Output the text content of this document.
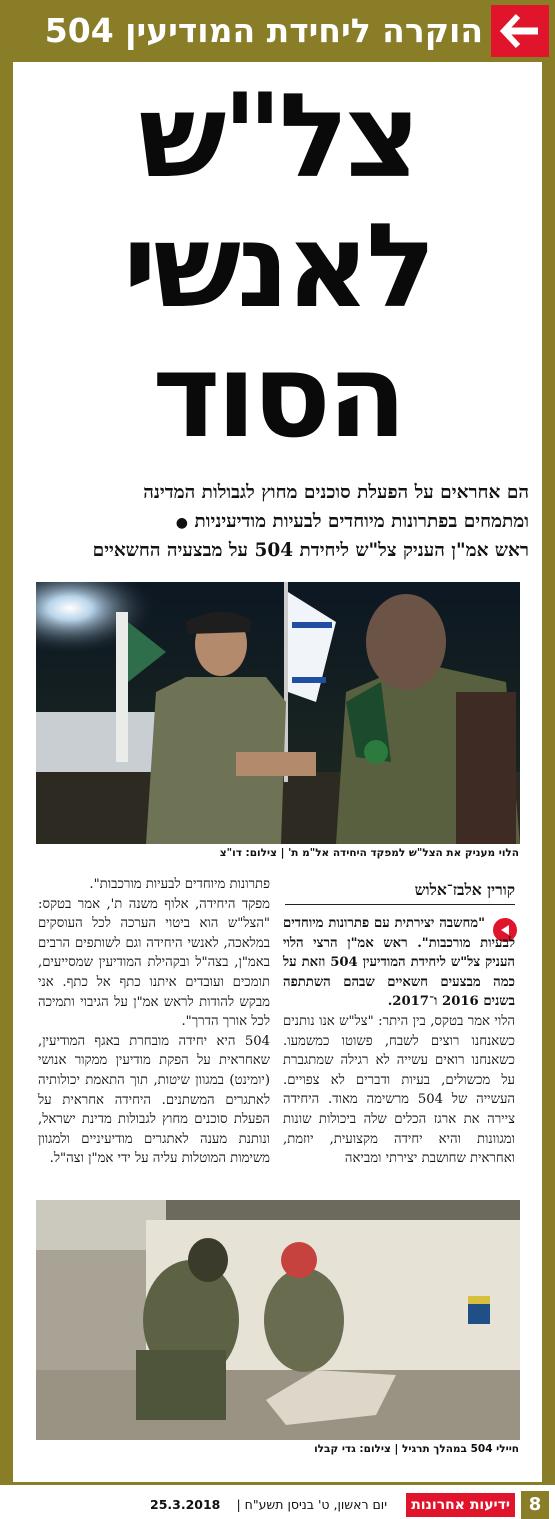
הוקרה ליחידת המודיעין 504
צל"ש
לאנשי
הסוד
הם אחראים על הפעלת סוכנים מחוץ לגבולות המדינה
ומתמחים בפתרונות מיוחדים לבעיות מודיעיניות ●
ראש אמ"ן העניק צל"ש ליחידת 504 על מבצעיה החשאיים
הלוי מעניק את הצל"ש למפקד היחידה אל"מ ת' | צילום: דו"צ
קורין אלבז־אלוש

"מחשבה יצירתית עם פתרונות מיוחדים לבעיות מורכבות". ראש אמ"ן הרצי הלוי העניק צל"ש ליחידת המודיעין 504 וזאת על כמה מבצעים חשאיים שבהם השתתפה בשנים 2016 ו־2017.

הלוי אמר בטקס, בין היתר: "צל"ש אנו נותנים כשאנחנו רוצים לשבח, פשוטו כמשמעו. כשאנחנו רואים עשייה לא רגילה שמתגברת על מכשולים, בעיות ודברים לא צפויים. העשייה של 504 מרשימה מאוד. היחידה ציירה את ארגז הכלים שלה ביכולות שונות ומגוונות והיא יחידה מקצועית, יוזמת, ואחראית שחושבת יצירתי ומביאה

פתרונות מיוחדים לבעיות מורכבות".

מפקד היחידה, אלוף משנה ת', אמר בטקס: "הצל"ש הוא ביטוי הערכה לכל העוסקים במלאכה, לאנשי היחידה וגם לשותפים הרבים באמ"ן, בצה"ל ובקהילת המודיעין שמסייעים, תומכים ועובדים איתנו כתף אל כתף. אני מבקש להודות לראש אמ"ן על הגיבוי ותמיכה לכל אורך הדרך".

504 היא יחידה מובחרת באגף המודיעין, שאחראית על הפקת מודיעין ממקור אנושי (יומינט) במגוון שיטות, תוך התאמת יכולותיה לאתגרים המשתנים. היחידה אחראית על הפעלת סוכנים מחוץ לגבולות מדינת ישראל, ונותנת מענה לאתגרים מודיעיניים ולמגוון משימות המוטלות עליה על ידי אמ"ן וצה"ל.

חיילי 504 במהלך תרגיל | צילום: גדי קבלו
8
ידיעות אחרונות
יום ראשון, ט' בניסן תשע"ח |
25.3.2018
